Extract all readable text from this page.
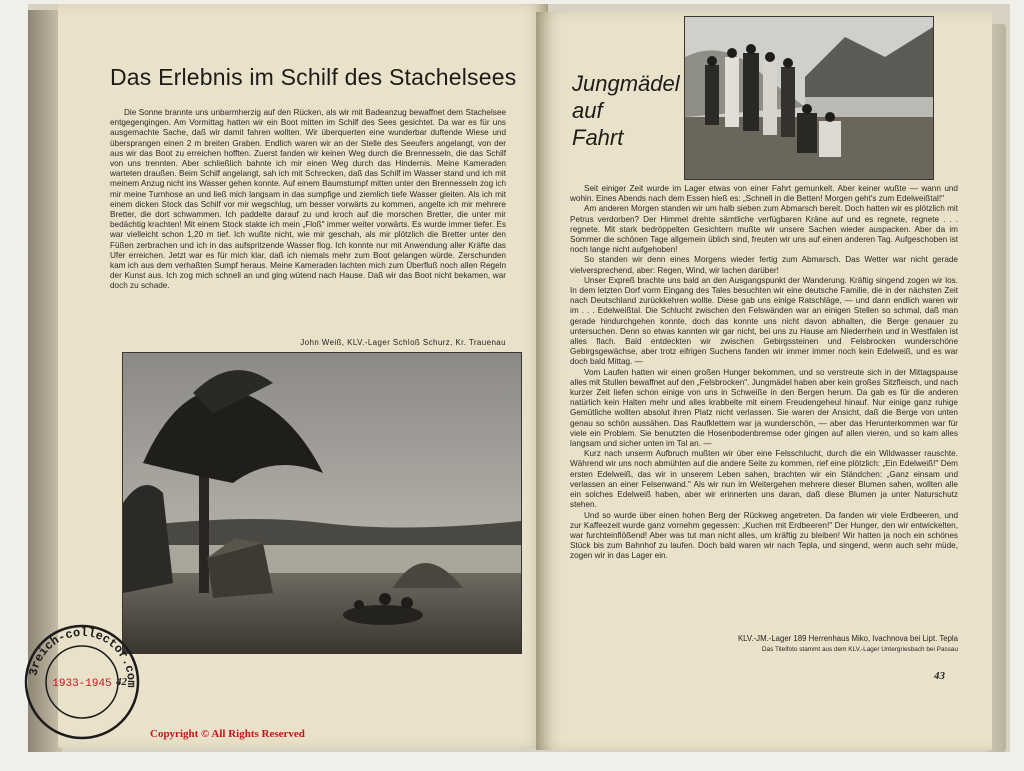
Das Erlebnis im Schilf des Stachelsees

Die Sonne brannte uns unbarmherzig auf den Rücken, als wir mit Badeanzug bewaffnet dem Stachelsee entgegengingen. Am Vormittag hatten wir ein Boot mitten im Schilf des Sees gesichtet. Da war es für uns ausgemachte Sache, daß wir damit fahren wollten. Wir überquerten eine wunderbar duftende Wiese und übersprangen einen 2 m breiten Graben. Endlich waren wir an der Stelle des Seeufers angelangt, von der aus wir das Boot zu erreichen hofften. Zuerst fanden wir keinen Weg durch die Brennesseln, die das Schilf von uns trennten. Aber schließlich bahnte ich mir einen Weg durch das Hindernis. Meine Kameraden warteten draußen. Beim Schilf angelangt, sah ich mit Schrecken, daß das Schilf im Wasser stand und ich mit meinem Anzug nicht ins Wasser gehen konnte. Auf einem Baumstumpf mitten unter den Brennesseln zog ich mir meine Turnhose an und ließ mich langsam in das sumpfige und ziemlich tiefe Wasser gleiten. Als ich mit einem dicken Stock das Schilf vor mir wegschlug, um besser vorwärts zu kommen, angelte ich mir mehrere Bretter, die dort schwammen. Ich paddelte darauf zu und kroch auf die morschen Bretter, die unter mir bedächtig krachten! Mit einem Stock stakte ich mein „Floß" immer weiter vorwärts. Es wurde immer tiefer. Es war vielleicht schon 1,20 m tief. Ich wußte nicht, wie mir geschah, als mir plötzlich die Bretter unter den Füßen zerbrachen und ich in das aufspritzende Wasser flog. Ich konnte nur mit Anwendung aller Kräfte das Ufer erreichen. Jetzt war es für mich klar, daß ich niemals mehr zum Boot gelangen würde. Zerschunden kam ich aus dem verhaßten Sumpf heraus. Meine Kameraden lachten mich zum Überfluß noch allen Regeln der Kunst aus. Ich zog mich schnell an und ging wütend nach Hause. Daß wir das Boot nicht bekamen, war doch zu schade.

John Weiß, KLV.-Lager Schloß Schurz, Kr. Trauenau
42
Jungmädel
auf
Fahrt

Seit einiger Zeit wurde im Lager etwas von einer Fahrt gemunkelt. Aber keiner wußte — wann und wohin. Eines Abends nach dem Essen hieß es: „Schnell in die Betten! Morgen geht's zum Edelweißtal!"

Am anderen Morgen standen wir um halb sieben zum Abmarsch bereit. Doch hatten wir es plötzlich mit Petrus verdorben? Der Himmel drehte sämtliche verfügbaren Kräne auf und es regnete, regnete . . . regnete. Mit stark bedröppelten Gesichtern mußte wir unsere Sachen wieder auspacken. Aber da im Sommer die schönen Tage allgemein üblich sind, freuten wir uns auf einen anderen Tag. Aufgeschoben ist noch lange nicht aufgehoben!

So standen wir denn eines Morgens wieder fertig zum Abmarsch. Das Wetter war nicht gerade vielversprechend, aber: Regen, Wind, wir lachen darüber!

Unser Expreß brachte uns bald an den Ausgangspunkt der Wanderung. Kräftig singend zogen wir los. In dem letzten Dorf vorm Eingang des Tales besuchten wir eine deutsche Familie, die in der nächsten Zeit nach Deutschland zurückkehren wollte. Diese gab uns einige Ratschläge, — und dann endlich waren wir im . . . Edelweißtal. Die Schlucht zwischen den Felswänden war an einigen Stellen so schmal, daß man gerade hindurchgehen konnte, doch das konnte uns nicht davon abhalten, die Berge genauer zu untersuchen. Denn so etwas kannten wir gar nicht, bei uns zu Hause am Niederrhein und in Westfalen ist alles flach. Bald entdeckten wir zwischen Gebirgssteinen und Felsbrocken wunderschöne Gebirgsgewächse, aber trotz eifrigen Suchens fanden wir immer immer noch kein Edelweiß, und es war doch bald Mittag. —

Vom Laufen hatten wir einen großen Hunger bekommen, und so verstreute sich in der Mittagspause alles mit Stullen bewaffnet auf den „Felsbrocken". Jungmädel haben aber kein großes Sitzfleisch, und nach kurzer Zeit liefen schon einige von uns in Schweiße in den Bergen herum. Da gab es für die anderen natürlich kein Halten mehr und alles krabbelte mit einem Freudengeheul hinauf. Nur einige ganz ruhige Gemütliche wollten absolut ihren Platz nicht verlassen. Sie waren der Ansicht, daß die Berge von unten genau so schön aussähen. Das Raufklettern war ja wunderschön, — aber das Herunterkommen war für viele ein Problem. Sie benutzten die Hosenbodenbremse oder gingen auf allen vieren, und so kam alles langsam und sicher unten im Tal an. —

Kurz nach unserm Aufbruch mußten wir über eine Felsschlucht, durch die ein Wildwasser rauschte. Während wir uns noch abmühten auf die andere Seite zu kommen, rief eine plötzlich: „Ein Edelweiß!" Dem ersten Edelweiß, das wir in unserem Leben sahen, brachten wir ein Ständchen: „Ganz einsam und verlassen an einer Felsenwand." Als wir nun im Weitergehen mehrere dieser Blumen sahen, wollten alle ein solches Edelweiß haben, aber wir erinnerten uns daran, daß diese Blumen ja unter Naturschutz stehen.

Und so wurde über einen hohen Berg der Rückweg angetreten. Da fanden wir viele Erdbeeren, und zur Kaffeezeit wurde ganz vornehm gegessen: „Kuchen mit Erdbeeren!" Der Hunger, den wir entwickelten, war furchteinflößend! Aber was tut man nicht alles, um kräftig zu bleiben! Wir hatten ja noch ein schönes Stück bis zum Bahnhof zu laufen. Doch bald waren wir nach Tepla, und singend, wenn auch sehr müde, zogen wir in das Lager ein.

KLV.-JM.-Lager 189 Herrenhaus Miko, Ivachnova bei Lipt. Tepla
Das Titelfoto stammt aus dem KLV.-Lager Untergriesbach bei Passau
43
3reich-collector.com
1933-1945
Copyright © All Rights Reserved
